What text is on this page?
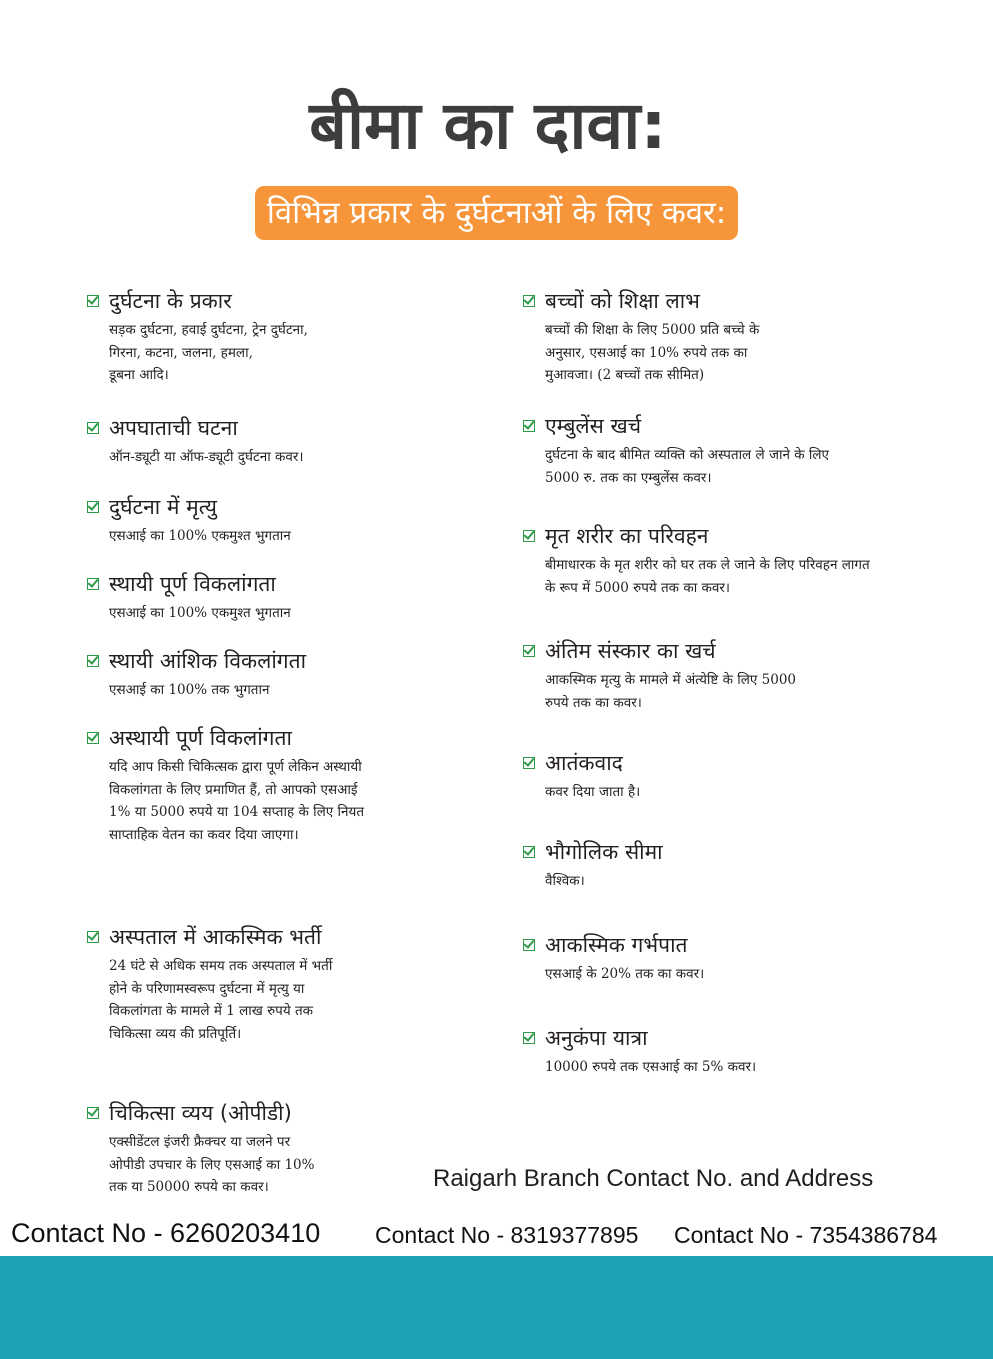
बीमा का दावा:
विभिन्न प्रकार के दुर्घटनाओं के लिए कवर:
दुर्घटना के प्रकार

सड़क दुर्घटना, हवाई दुर्घटना, ट्रेन दुर्घटना,
गिरना, कटना, जलना, हमला,
डूबना आदि।

अपघाताची घटना

ऑन-ड्यूटी या ऑफ-ड्यूटी दुर्घटना कवर।

दुर्घटना में मृत्यु

एसआई का 100% एकमुश्त भुगतान

स्थायी पूर्ण विकलांगता

एसआई का 100% एकमुश्त भुगतान

स्थायी आंशिक विकलांगता

एसआई का 100% तक भुगतान

अस्थायी पूर्ण विकलांगता

यदि आप किसी चिकित्सक द्वारा पूर्ण लेकिन अस्थायी
विकलांगता के लिए प्रमाणित हैं, तो आपको एसआई
1% या 5000 रुपये या 104 सप्ताह के लिए नियत
साप्ताहिक वेतन का कवर दिया जाएगा।

अस्पताल में आकस्मिक भर्ती

24 घंटे से अधिक समय तक अस्पताल में भर्ती
होने के परिणामस्वरूप दुर्घटना में मृत्यु या
विकलांगता के मामले में 1 लाख रुपये तक
चिकित्सा व्यय की प्रतिपूर्ति।

चिकित्सा व्यय (ओपीडी)

एक्सीडेंटल इंजरी फ्रैक्चर या जलने पर
ओपीडी उपचार के लिए एसआई का 10%
तक या 50000 रुपये का कवर।

बच्चों को शिक्षा लाभ

बच्चों की शिक्षा के लिए 5000 प्रति बच्चे के
अनुसार, एसआई का 10% रुपये तक का
मुआवजा। (2 बच्चों तक सीमित)

एम्बुलेंस खर्च

दुर्घटना के बाद बीमित व्यक्ति को अस्पताल ले जाने के लिए
5000 रु. तक का एम्बुलेंस कवर।

मृत शरीर का परिवहन

बीमाधारक के मृत शरीर को घर तक ले जाने के लिए परिवहन लागत
के रूप में 5000 रुपये तक का कवर।

अंतिम संस्कार का खर्च

आकस्मिक मृत्यु के मामले में अंत्येष्टि के लिए 5000
रुपये तक का कवर।

आतंकवाद

कवर दिया जाता है।

भौगोलिक सीमा

वैश्विक।

आकस्मिक गर्भपात

एसआई के 20% तक का कवर।

अनुकंपा यात्रा

10000 रुपये तक एसआई का 5% कवर।

Raigarh Branch Contact No. and Address
Contact No - 6260203410 Contact No - 8319377895 Contact No - 7354386784
